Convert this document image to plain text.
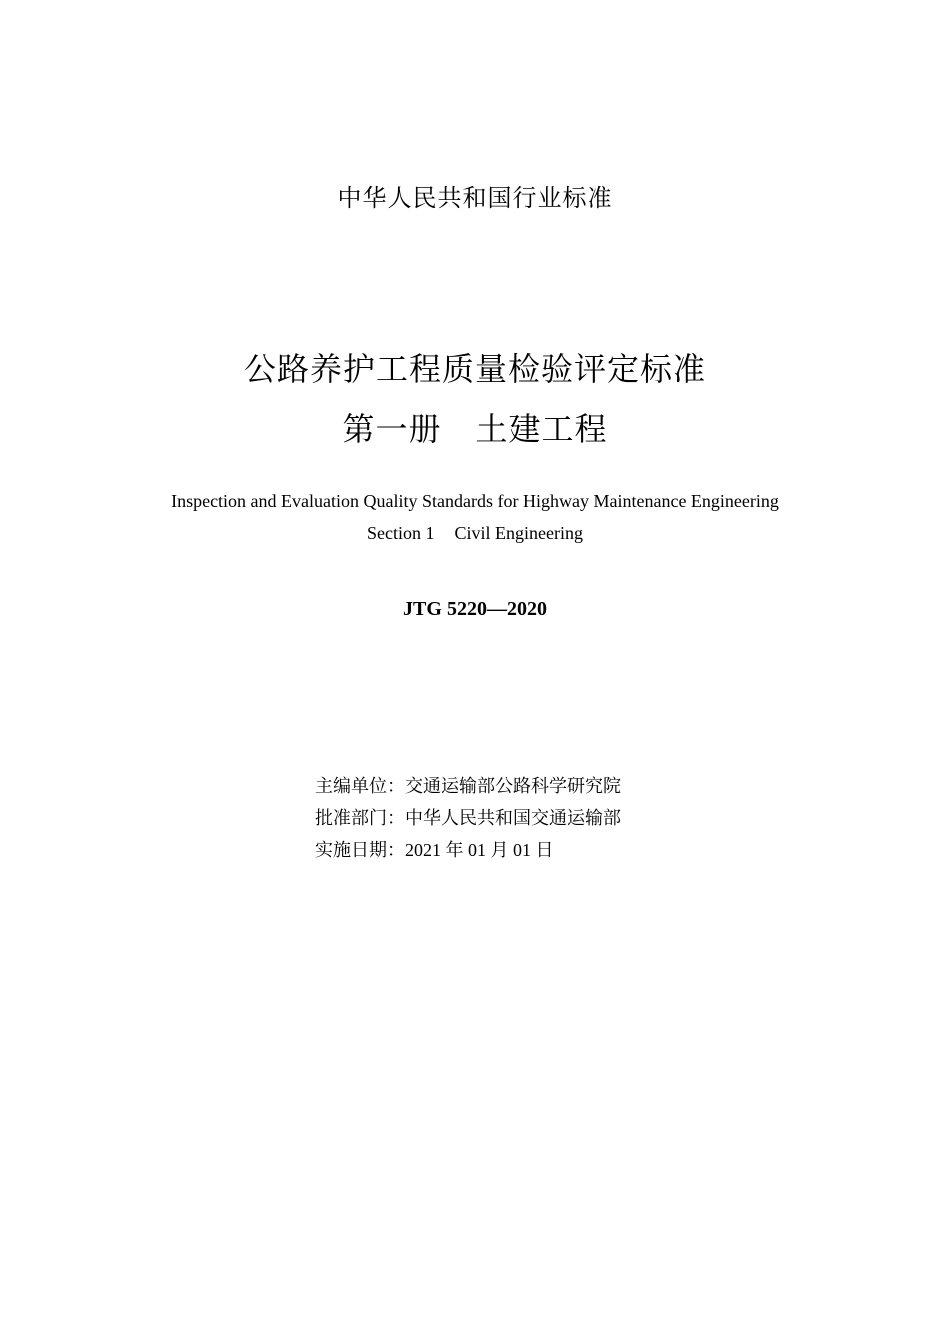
中华人民共和国行业标准
公路养护工程质量检验评定标准
第一册 土建工程
Inspection and Evaluation Quality Standards for Highway Maintenance Engineering
Section 1 Civil Engineering
JTG 5220—2020
主编单位：交通运输部公路科学研究院
批准部门：中华人民共和国交通运输部
实施日期：2021 年 01 月 01 日
